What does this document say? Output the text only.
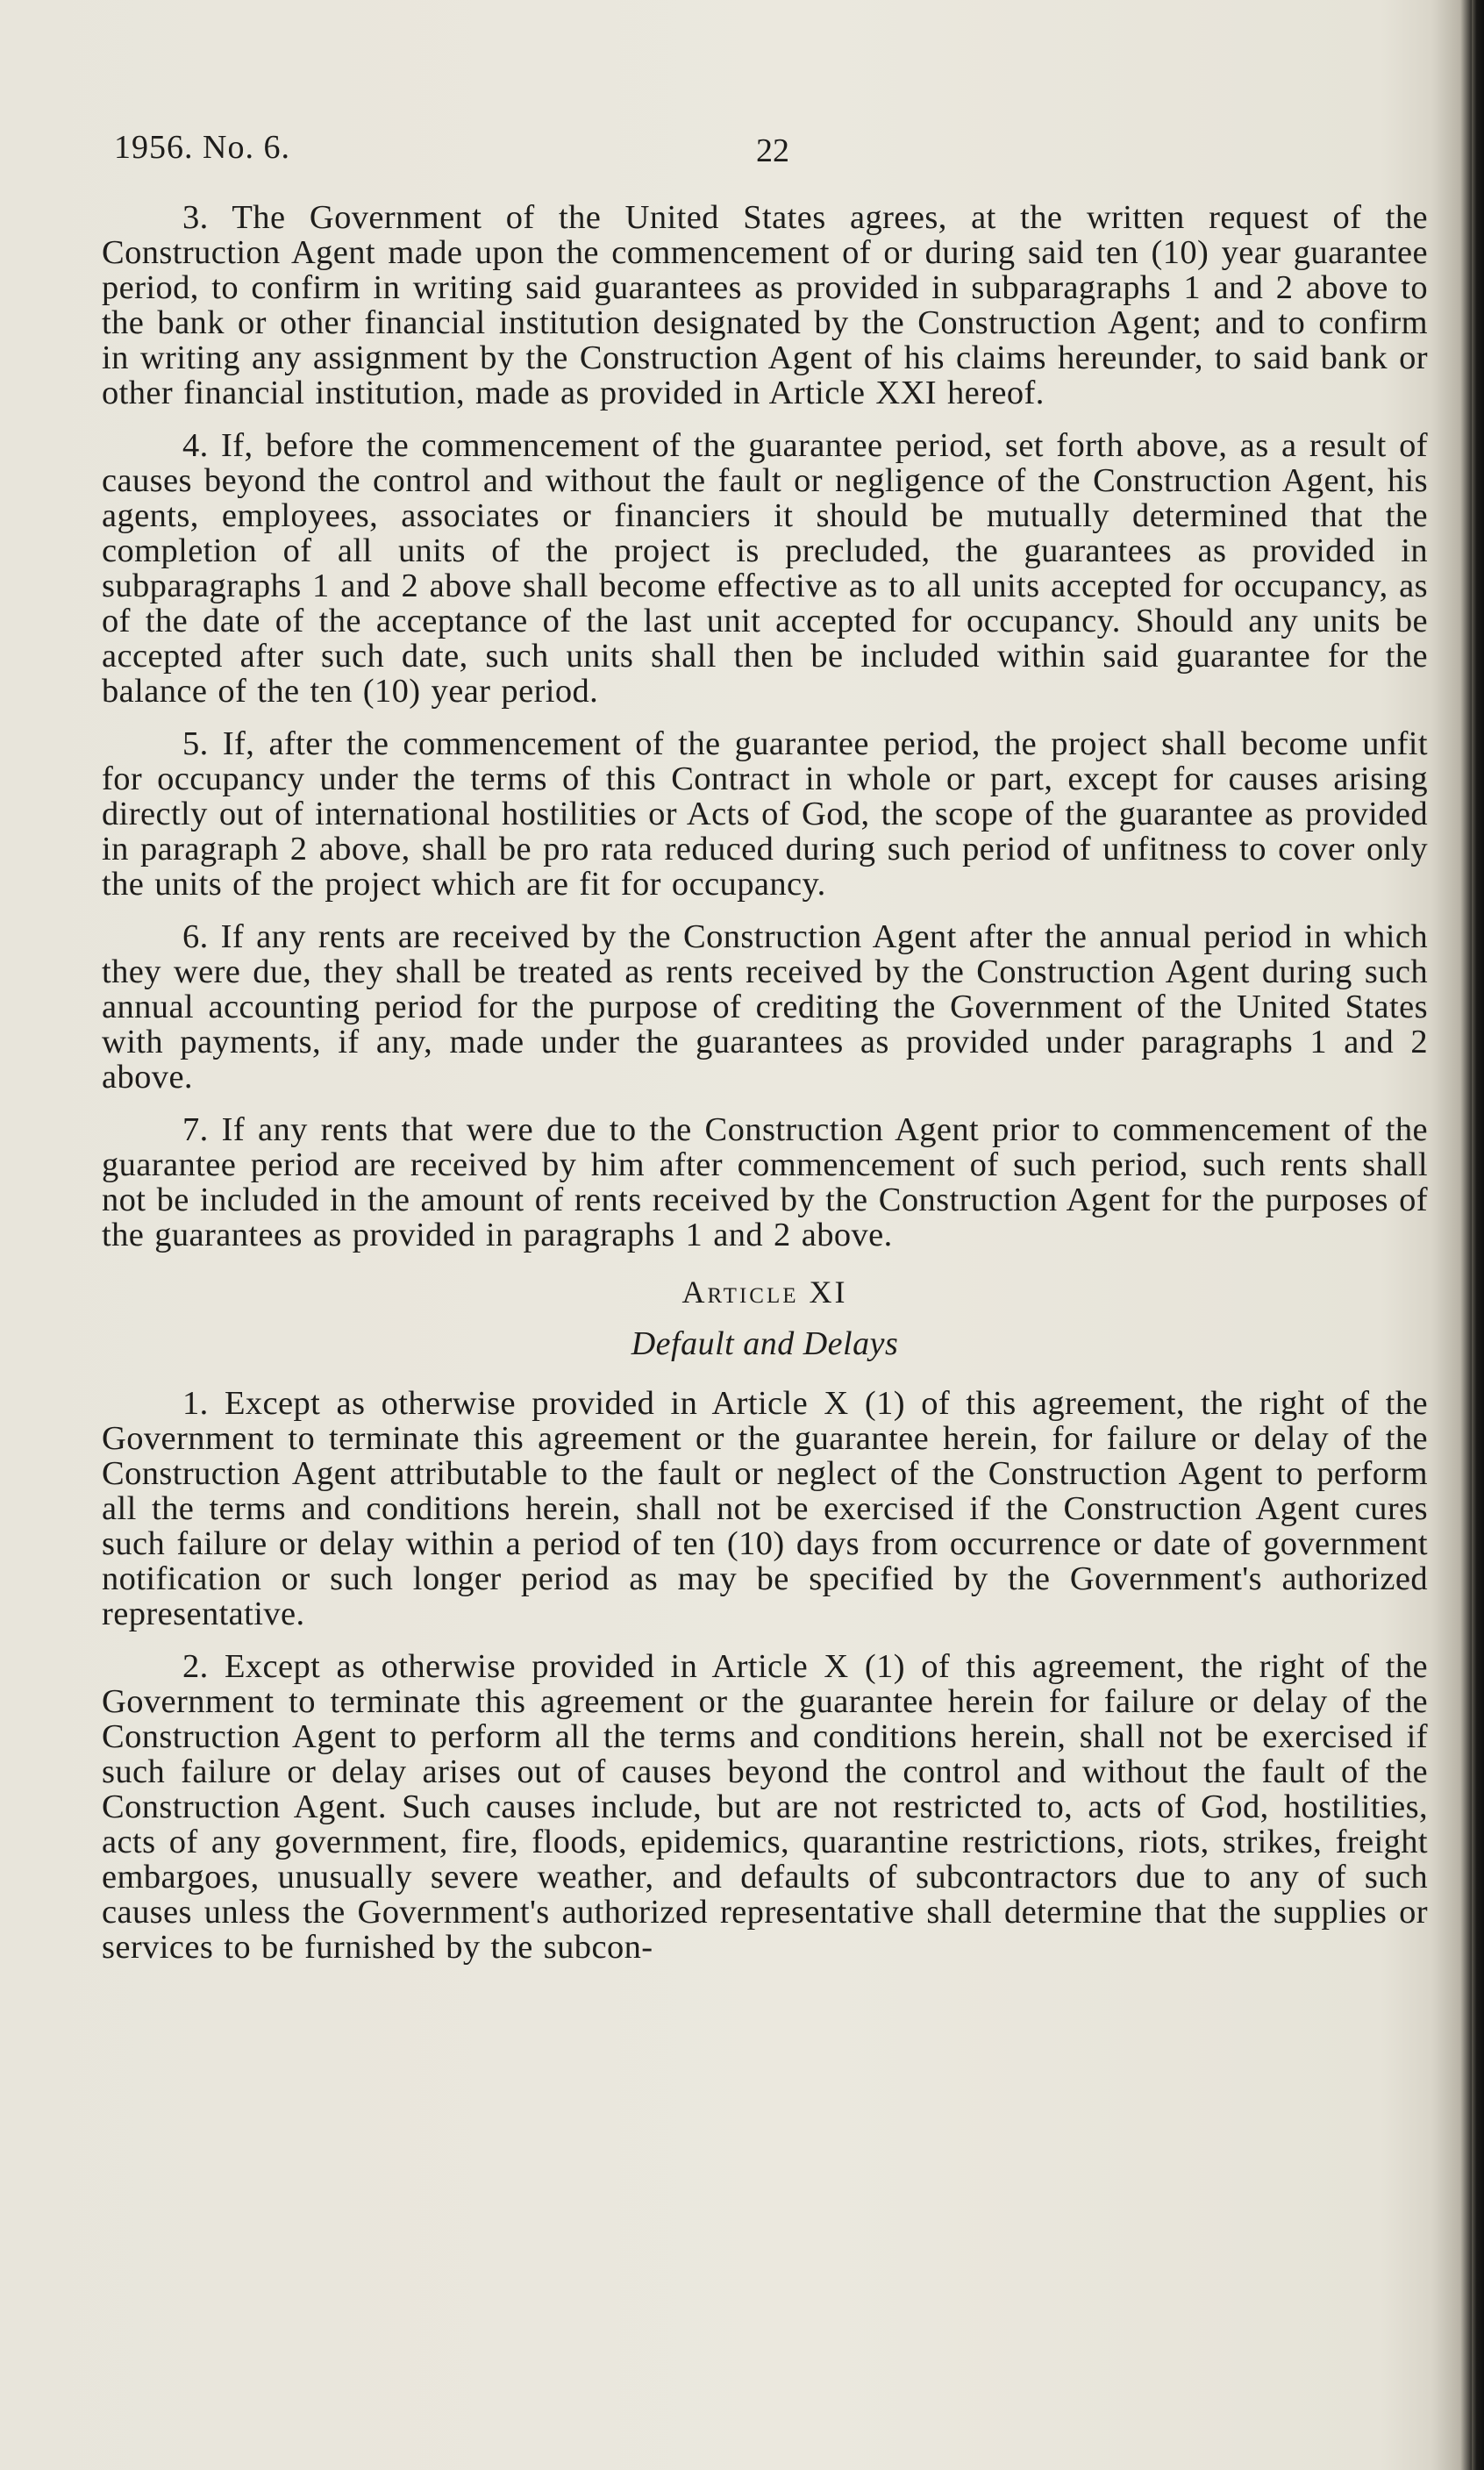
1956. No. 6.	22

3. The Government of the United States agrees, at the written request of the Construction Agent made upon the commencement of or during said ten (10) year guarantee period, to confirm in writing said guarantees as provided in subparagraphs 1 and 2 above to the bank or other financial institution designated by the Construction Agent; and to confirm in writing any assignment by the Construction Agent of his claims hereunder, to said bank or other financial institution, made as provided in Article XXI hereof.

4. If, before the commencement of the guarantee period, set forth above, as a result of causes beyond the control and without the fault or negligence of the Construction Agent, his agents, employees, associates or financiers it should be mutually determined that the completion of all units of the project is precluded, the guarantees as provided in subparagraphs 1 and 2 above shall become effective as to all units accepted for occupancy, as of the date of the acceptance of the last unit accepted for occupancy. Should any units be accepted after such date, such units shall then be included within said guarantee for the balance of the ten (10) year period.

5. If, after the commencement of the guarantee period, the project shall become unfit for occupancy under the terms of this Contract in whole or part, except for causes arising directly out of international hostilities or Acts of God, the scope of the guarantee as provided in paragraph 2 above, shall be pro rata reduced during such period of unfitness to cover only the units of the project which are fit for occupancy.

6. If any rents are received by the Construction Agent after the annual period in which they were due, they shall be treated as rents received by the Construction Agent during such annual accounting period for the purpose of crediting the Government of the United States with payments, if any, made under the guarantees as provided under paragraphs 1 and 2 above.

7. If any rents that were due to the Construction Agent prior to commencement of the guarantee period are received by him after commencement of such period, such rents shall not be included in the amount of rents received by the Construction Agent for the purposes of the guarantees as provided in paragraphs 1 and 2 above.

Article XI
Default and Delays

1. Except as otherwise provided in Article X (1) of this agreement, the right of the Government to terminate this agreement or the guarantee herein, for failure or delay of the Construction Agent attributable to the fault or neglect of the Construction Agent to perform all the terms and conditions herein, shall not be exercised if the Construction Agent cures such failure or delay within a period of ten (10) days from occurrence or date of government notification or such longer period as may be specified by the Government's authorized representative.

2. Except as otherwise provided in Article X (1) of this agreement, the right of the Government to terminate this agreement or the guarantee herein for failure or delay of the Construction Agent to perform all the terms and conditions herein, shall not be exercised if such failure or delay arises out of causes beyond the control and without the fault of the Construction Agent. Such causes include, but are not restricted to, acts of God, hostilities, acts of any government, fire, floods, epidemics, quarantine restrictions, riots, strikes, freight embargoes, unusually severe weather, and defaults of subcontractors due to any of such causes unless the Government's authorized representative shall determine that the supplies or services to be furnished by the subcon-
